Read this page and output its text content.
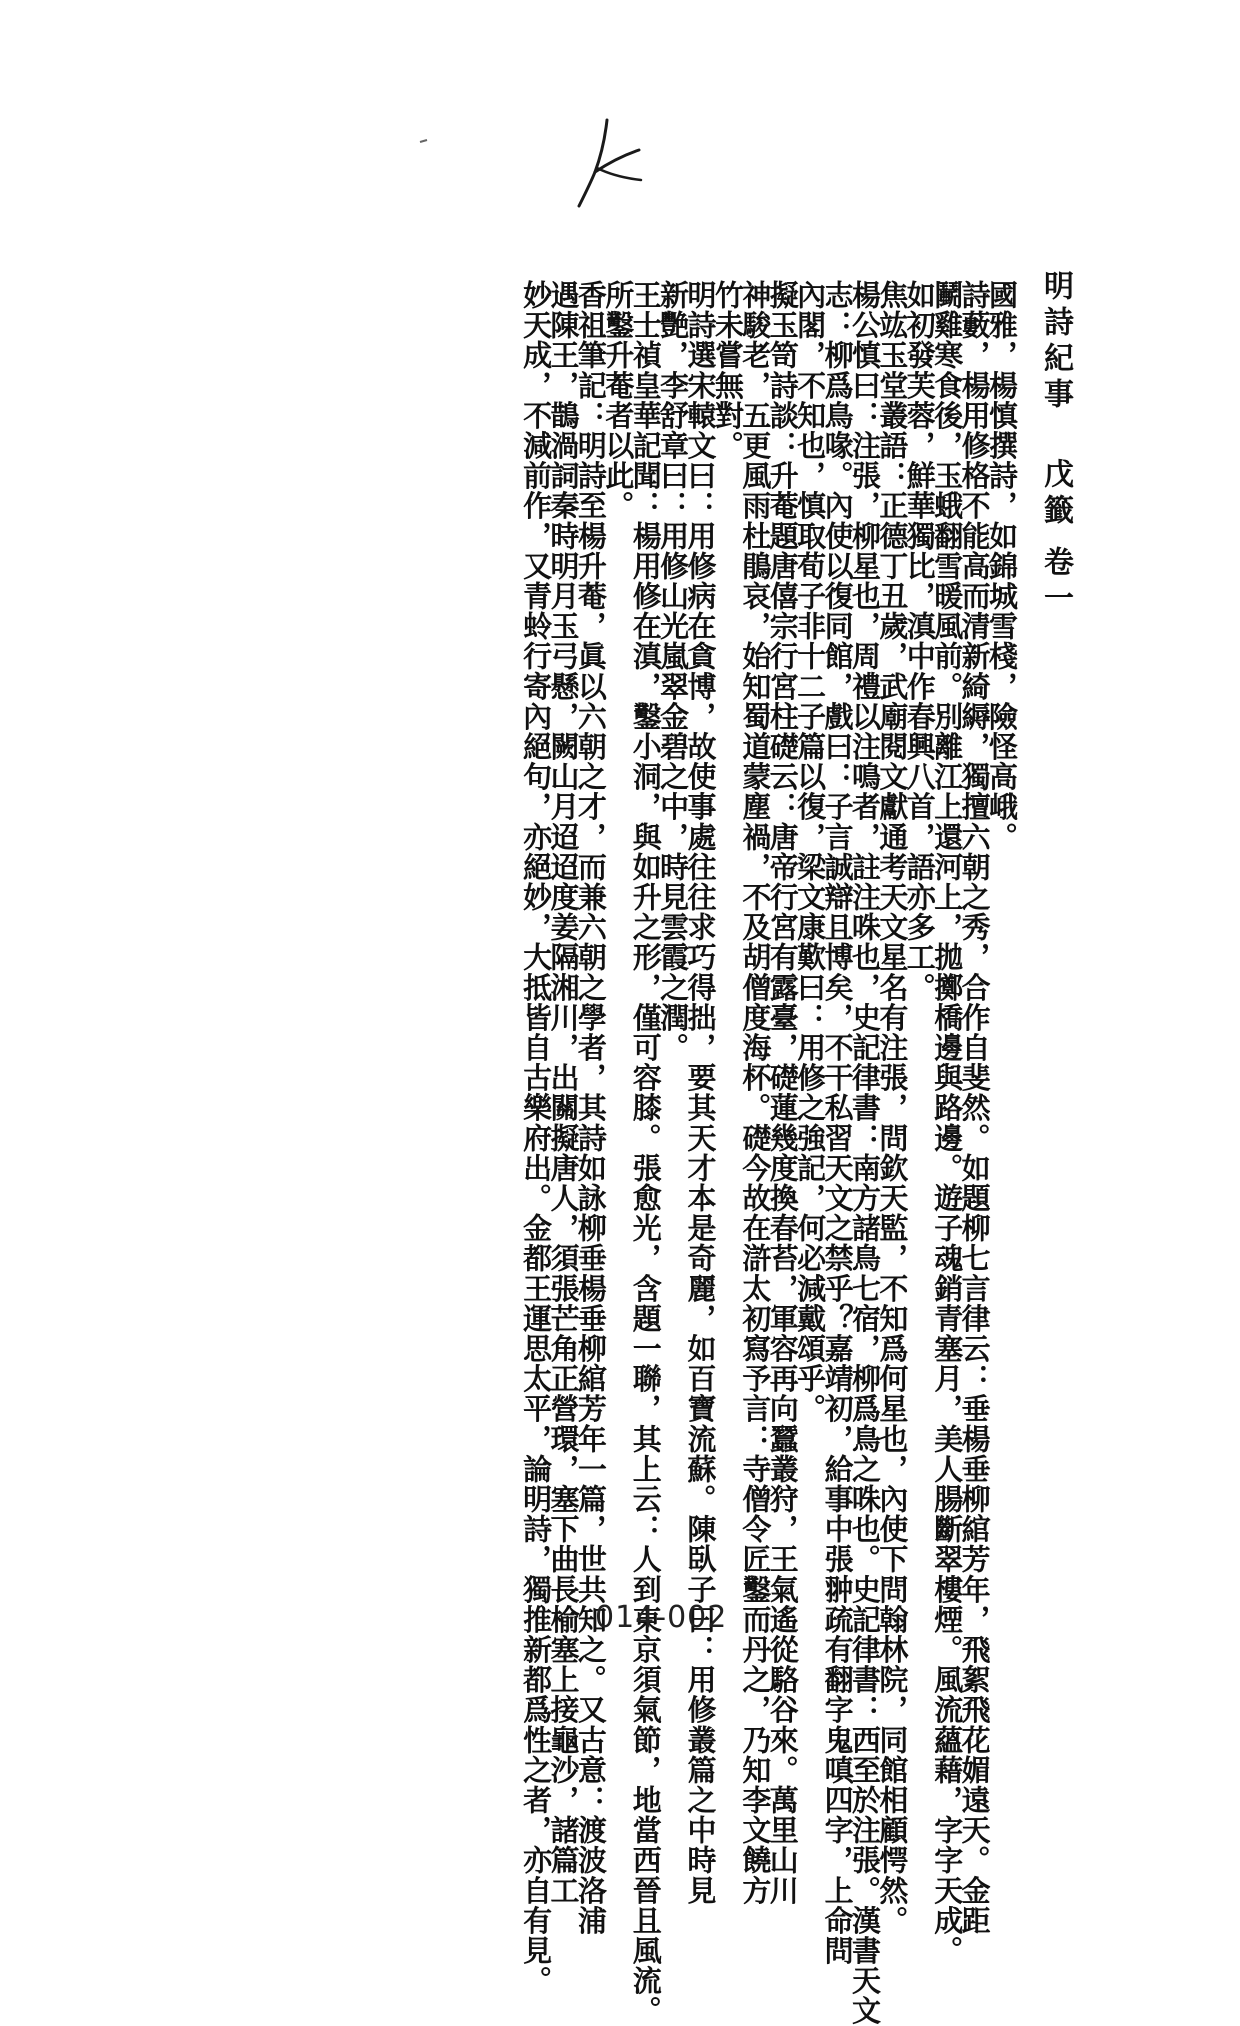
明詩紀事戊籤卷一
國雅，楊慎撰詩，如錦城雪棧，險怪高峨。
詩藪，楊用修格不能高而清新綺縟，獨擅六朝之秀，合作自斐然。如題柳七言律云：垂楊垂柳綰芳年，飛絮飛花媚遠天。金距
鬭雞寒食後，玉蛾翻雪暖風前。別離江上還河上，拋擲橋邊與路邊。遊子魂銷青塞月，美人腸斷翠樓煙。風流蘊藉，字字天成。
如初發芙蓉，鮮華獨比，滇中作春興八首，語亦多工。
焦竑玉堂叢語：正德丁丑歲，武廟閱文獻通考天文星名有注張，問欽天監，不知爲何星也，內使下問翰林院，同館相顧愕然。
楊公慎曰：注張，柳星也，周禮以注鳴者，註注咮也，史記律書：南方諸鳥七宿，柳爲鳥之咮也。史記律書：西至於注張。漢書天文
志：柳爲鳥喙。內使以復同館，戲曰：子言誠辯且博矣，不干私習天文之禁乎？嘉靖初，給事中張翀疏有翻字鬼嗔四字，上命問
內閣，不知也，慎取荀子非十二子篇以復，梁文康歎曰：用修之強記，何必減戴頌乎。
擬玉笥詩談：升菴題唐僖宗行宮柱礎云：唐帝行宮有露臺，礎蓮幾度換春苔，軍容再向蠶叢狩，王氣遙從駱谷來。萬里山川
神駿老，五更風雨杜鵑哀，始知蜀道蒙塵禍，不及胡僧度海杯。礎今故在滸太初寫予言：寺僧令匠鑿而丹之，乃知李文饒方
竹未嘗無對。
明詩選宋轅文曰：用修病在貪博，故使事處往往求巧得拙，要其天才本是奇麗，如百寶流蘇。陳臥子曰：用修叢篇之中時見
新艷，李舒章曰：用修山光嵐翠金碧之中，時見雲霞之潤。
王士禎皇華記聞：楊用修在滇，鑿小洞，與如升之形，僅可容膝。張愈光，含題一聯，其上云：人到東京須氣節，地當西晉且風流。
所鑿升菴者以此。
香祖筆記：明詩至楊升菴，眞以六朝之才，而兼六朝之學者，其詩如詠柳垂楊垂柳綰芳年一篇，世共知之。又古意：渡波洛浦
遇陳王，鵲渦詞秦時明月玉弓懸，闕山月迢迢度姜隔湘川，出關擬唐人，須張芒角正營環，塞下曲長榆塞上接龜沙，諸篇工
妙天成，不減前作，又青蛉行寄內絕句，亦絕妙，大抵皆自古樂府出。金都王運思太平，論明詩，獨推新都爲性之者，亦自有見。 014-002
